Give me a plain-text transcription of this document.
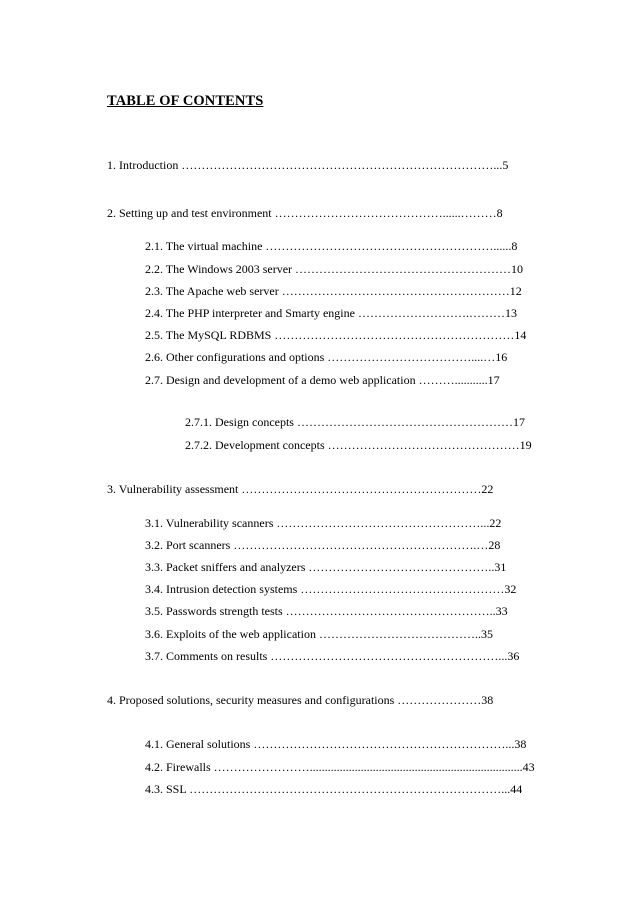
TABLE OF CONTENTS
1. Introduction ……………………………………………………………………...5
2. Setting up and test environment ……………………………………......………8
2.1. The virtual machine …………………………………………………......8
2.2. The Windows 2003 server ………………………………………………10
2.3. The Apache web server …………………………………………………12
2.4. The PHP interpreter and Smarty engine ……………………….………13
2.5. The MySQL RDBMS ……………………………………………………14
2.6. Other configurations and options ………………………………....…16
2.7. Design and development of a demo web application ………...........17
2.7.1. Design concepts ………………………………………………17
2.7.2. Development concepts …………………………………………19
3. Vulnerability assessment ……………………………………………………22
3.1. Vulnerability scanners ……………………………………………...22
3.2. Port scanners …………………………………………………….…28
3.3. Packet sniffers and analyzers ………………………………………..31
3.4. Intrusion detection systems ……………………………………………32
3.5. Passwords strength tests ……………………………………………..33
3.6. Exploits of the web application …………………………………..35
3.7. Comments on results …………………………………………………...36
4. Proposed solutions, security measures and configurations …………………38
4.1. General solutions ………………………………………………………...38
4.2. Firewalls …………………….......................................................................43
4.3. SSL ……………………………………………………………………...44
